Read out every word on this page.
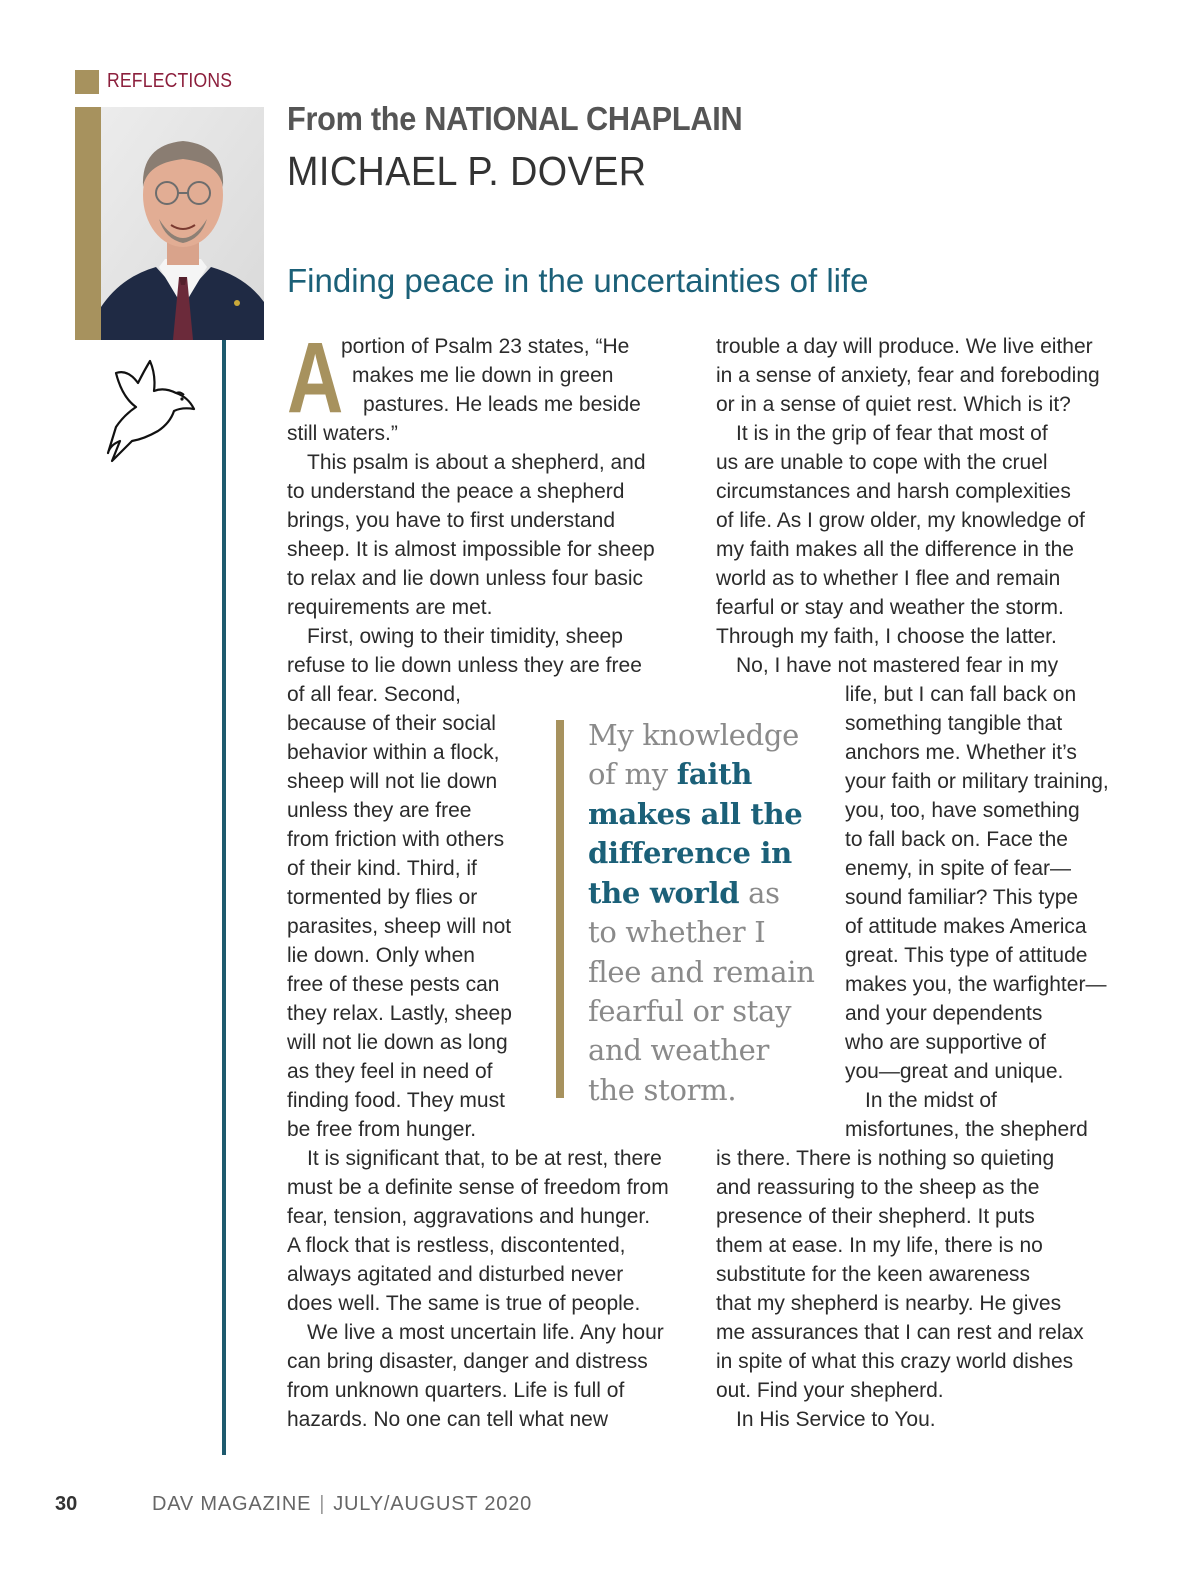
REFLECTIONS
From the NATIONAL CHAPLAIN
MICHAEL P. DOVER
Finding peace in the uncertainties of life
A
portion of Psalm 23 states, “He
makes me lie down in green
pastures. He leads me beside
still waters.”
This psalm is about a shepherd, and
to understand the peace a shepherd
brings, you have to first understand
sheep. It is almost impossible for sheep
to relax and lie down unless four basic
requirements are met.
First, owing to their timidity, sheep
refuse to lie down unless they are free
of all fear. Second,
because of their social
behavior within a flock,
sheep will not lie down
unless they are free
from friction with others
of their kind. Third, if
tormented by flies or
parasites, sheep will not
lie down. Only when
free of these pests can
they relax. Lastly, sheep
will not lie down as long
as they feel in need of
finding food. They must
be free from hunger.
It is significant that, to be at rest, there
must be a definite sense of freedom from
fear, tension, aggravations and hunger.
A flock that is restless, discontented,
always agitated and disturbed never
does well. The same is true of people.
We live a most uncertain life. Any hour
can bring disaster, danger and distress
from unknown quarters. Life is full of
hazards. No one can tell what new
trouble a day will produce. We live either
in a sense of anxiety, fear and foreboding
or in a sense of quiet rest. Which is it?
It is in the grip of fear that most of
us are unable to cope with the cruel
circumstances and harsh complexities
of life. As I grow older, my knowledge of
my faith makes all the difference in the
world as to whether I flee and remain
fearful or stay and weather the storm.
Through my faith, I choose the latter.
No, I have not mastered fear in my
life, but I can fall back on
something tangible that
anchors me. Whether it’s
your faith or military training,
you, too, have something
to fall back on. Face the
enemy, in spite of fear—
sound familiar? This type
of attitude makes America
great. This type of attitude
makes you, the warfighter—
and your dependents
who are supportive of
you—great and unique.
In the midst of
misfortunes, the shepherd
is there. There is nothing so quieting
and reassuring to the sheep as the
presence of their shepherd. It puts
them at ease. In my life, there is no
substitute for the keen awareness
that my shepherd is nearby. He gives
me assurances that I can rest and relax
in spite of what this crazy world dishes
out. Find your shepherd.
In His Service to You.
My knowledge
of my faith
makes all the
difference in
the world as
to whether I
flee and remain
fearful or stay
and weather
the storm.
30	DAV MAGAZINE | JULY/AUGUST 2020
